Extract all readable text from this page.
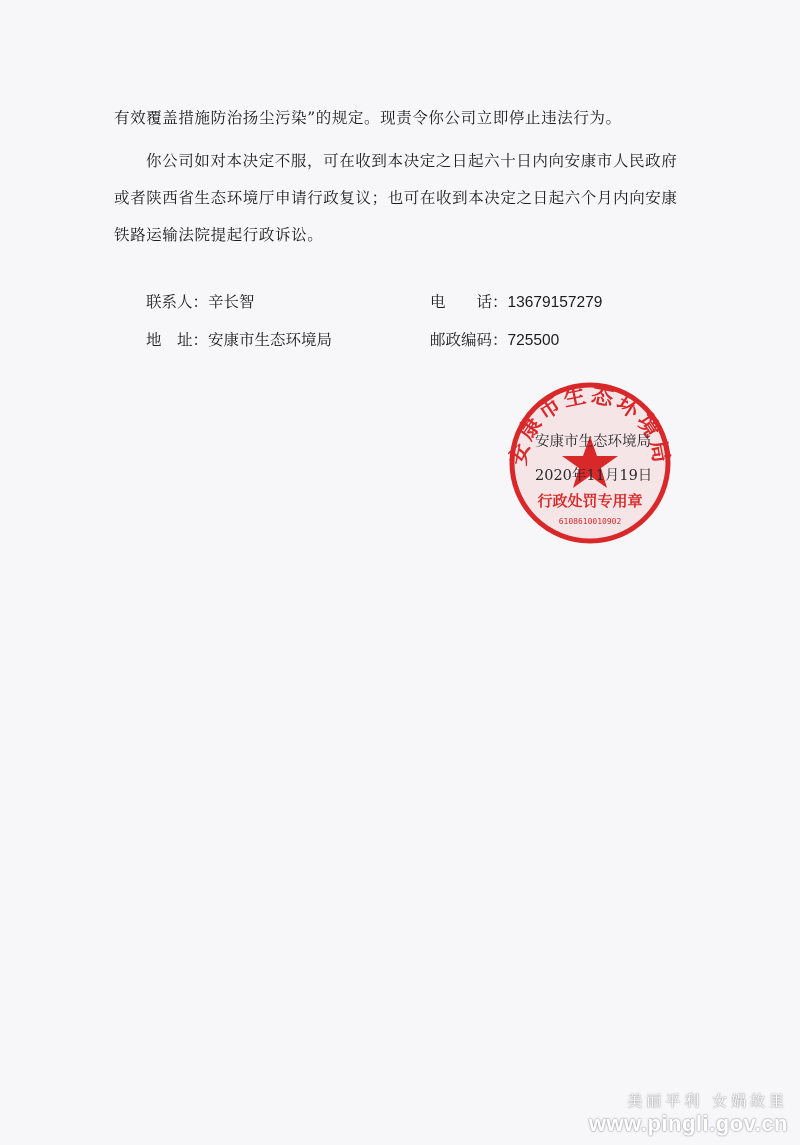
有效覆盖措施防治扬尘污染”的规定。现责令你公司立即停止违法行为。
你公司如对本决定不服，可在收到本决定之日起六十日内向安康市人民政府
或者陕西省生态环境厅申请行政复议；也可在收到本决定之日起六个月内向安康
铁路运输法院提起行政诉讼。
联系人：辛长智	电　　话：13679157279
地　址：安康市生态环境局	邮政编码：725500
安康市生态环境局
行政处罚专用章
6108610010902
安康市生态环境局
2020年11月19日
美丽平利 女娲故里
www.pingli.gov.cn
